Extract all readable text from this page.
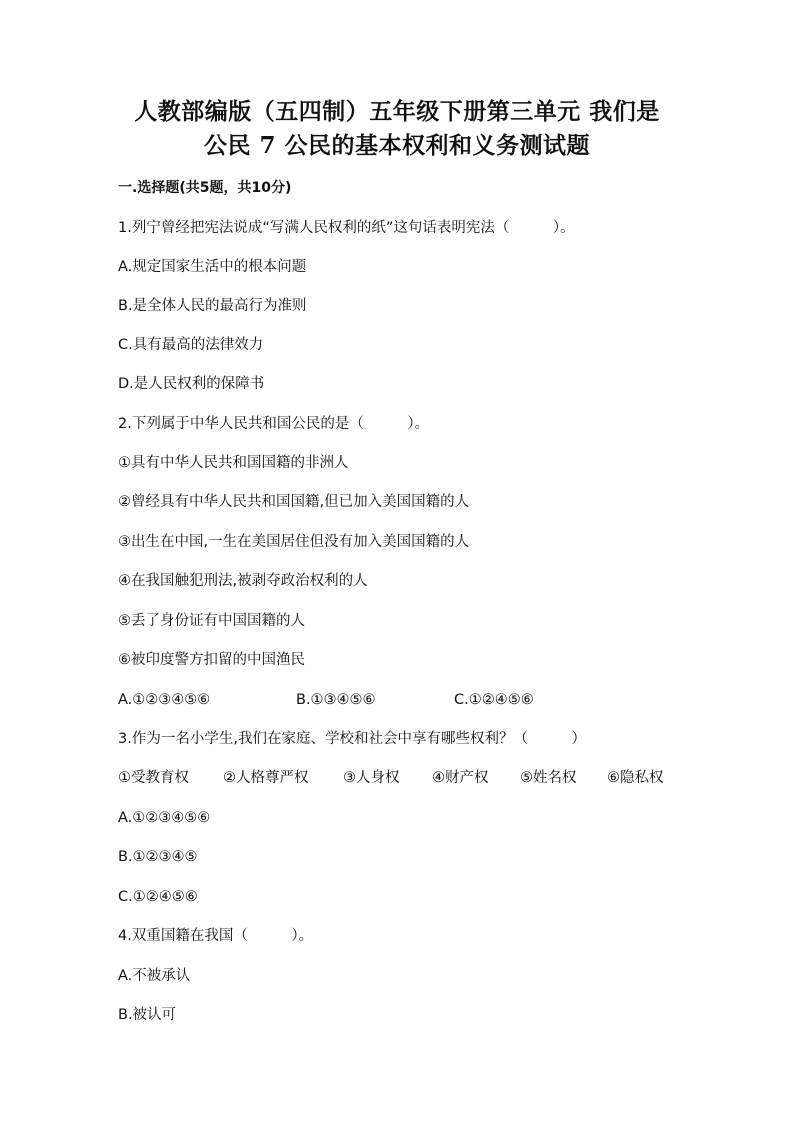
人教部编版（五四制）五年级下册第三单元 我们是
公民 7 公民的基本权利和义务测试题
一.选择题(共5题，共10分)
1.列宁曾经把宪法说成“写满人民权利的纸”这句话表明宪法（　　　）。
A.规定国家生活中的根本问题
B.是全体人民的最高行为准则
C.具有最高的法律效力
D.是人民权利的保障书
2.下列属于中华人民共和国公民的是（　　　）。
①具有中华人民共和国国籍的非洲人
②曾经具有中华人民共和国国籍,但已加入美国国籍的人
③出生在中国,一生在美国居住但没有加入美国国籍的人
④在我国触犯刑法,被剥夺政治权利的人
⑤丢了身份证有中国国籍的人
⑥被印度警方扣留的中国渔民

A.①②③④⑤⑥

	B.①③④⑤⑥

	C.①②④⑤⑥

3.作为一名小学生,我们在家庭、学校和社会中享有哪些权利？（　　　）

①受教育权

②人格尊严权

③人身权

④财产权

⑤姓名权

⑥隐私权

A.①②③④⑤⑥
B.①②③④⑤
C.①②④⑤⑥
4.双重国籍在我国（　　　）。
A.不被承认
B.被认可
